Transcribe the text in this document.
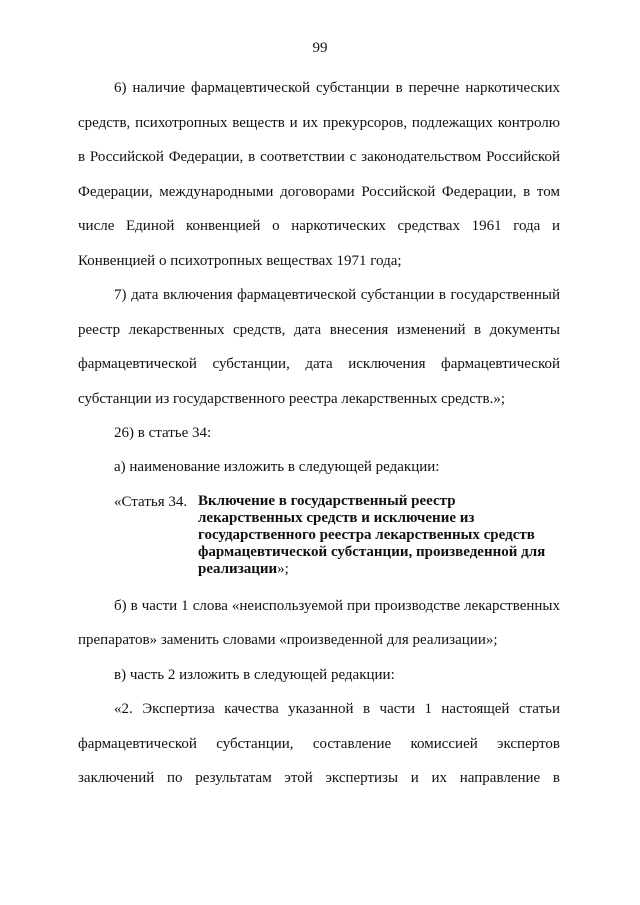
99
6) наличие фармацевтической субстанции в перечне наркотических
средств, психотропных веществ и их прекурсоров, подлежащих контролю
в Российской Федерации, в соответствии с законодательством Российской
Федерации, международными договорами Российской Федерации, в том
числе Единой конвенцией о наркотических средствах 1961 года и
Конвенцией о психотропных веществах 1971 года;
7) дата включения фармацевтической субстанции в государственный
реестр лекарственных средств, дата внесения изменений в документы
фармацевтической субстанции, дата исключения фармацевтической
субстанции из государственного реестра лекарственных средств.»;
26) в статье 34:
а) наименование изложить в следующей редакции:
«Статья 34. Включение в государственный реестр
лекарственных средств и исключение из
государственного реестра лекарственных средств
фармацевтической субстанции, произведенной для
реализации»;
б) в части 1 слова «неиспользуемой при производстве лекарственных
препаратов» заменить словами «произведенной для реализации»;
в) часть 2 изложить в следующей редакции:
«2. Экспертиза качества указанной в части 1 настоящей статьи
фармацевтической субстанции, составление комиссией экспертов
заключений по результатам этой экспертизы и их направление в
